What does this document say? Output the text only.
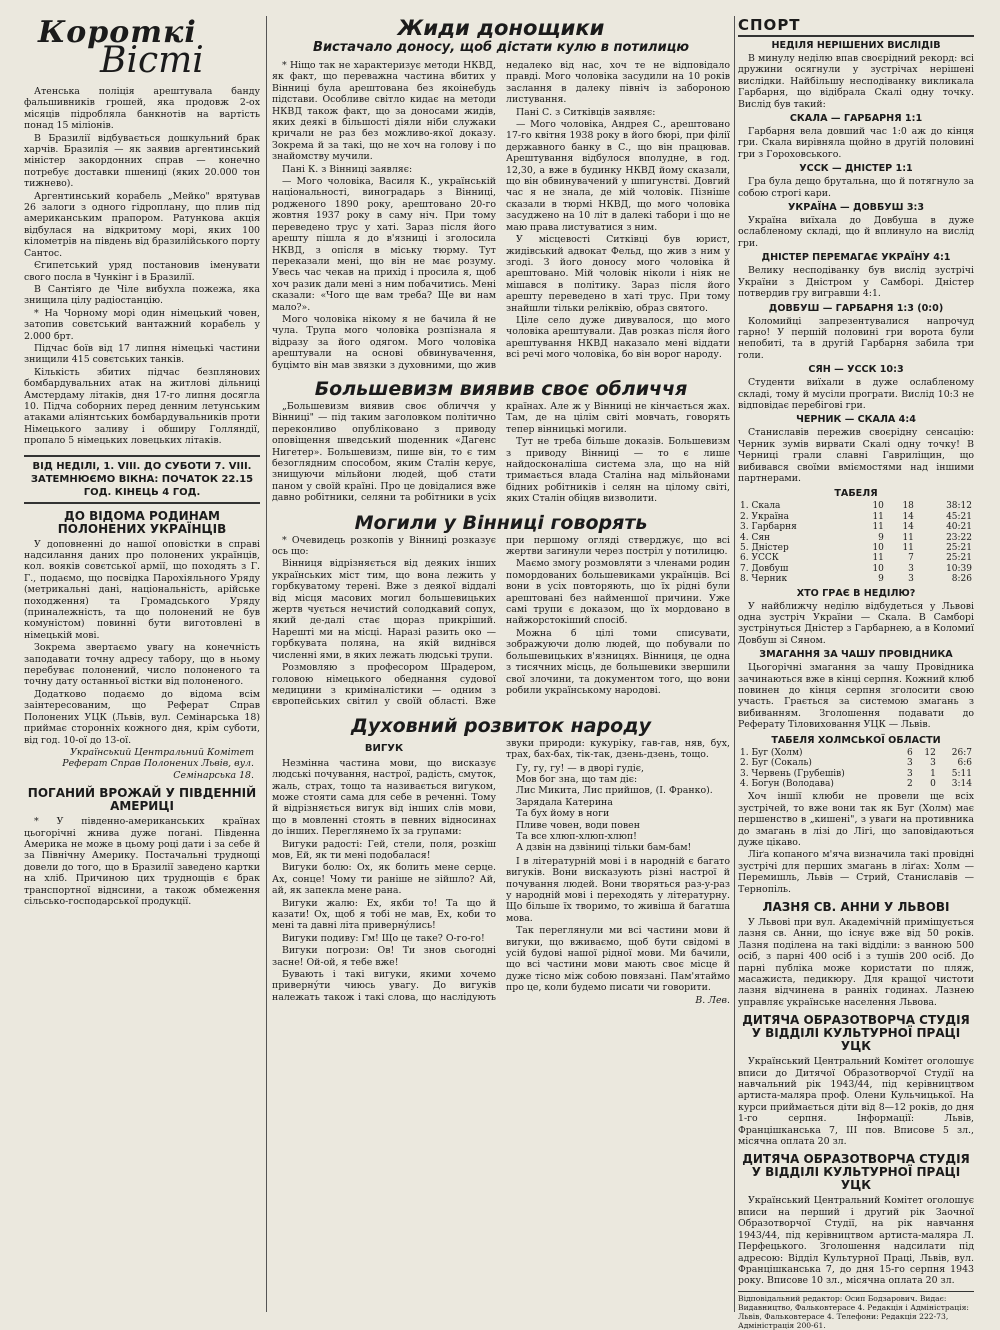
Короткі
Вісті

Атенська поліція арештувала банду фальшивників грошей, яка продовж 2-ох місяців підробляла банкнотів на вартість понад 15 міліонів.

В Бразилії відбувається дошкульний брак харчів. Бразилія — як заявив аргентинський міністер закордонних справ — конечно потребує доставки пшениці (яких 20.000 тон тижнево).

Аргентинський корабель „Мейко" врятував 26 залоги з одного гідроплану, що плив під американським прапором. Ратункова акція відбулася на відкритому морі, яких 100 кілометрів на південь від бразилійського порту Сантос.

Єгипетський уряд постановив іменувати свого посла в Чункінг і в Бразилії.

В Сантіяго де Чіле вибухла пожежа, яка знищила цілу радіостанцію.

* На Чорному морі один німецький човен, затопив совєтський вантажний корабель у 2.000 брт.

Підчас боїв від 17 липня німецькі частини знищили 415 совєтських танків.

Кількість збитих підчас безплянових бомбардувальних атак на житлові дільниці Амстердаму літаків, дня 17-го липня досягла 10. Підча соборних перед денним летунським атаками аліянтських бомбардувальників проти Німецького заливу і обширу Голляндії, пропало 5 німецьких ловецьких літаків.

ВІД НЕДІЛІ, 1. VIII. ДО СУБОТИ 7. VIII. ЗАТЕМНЮЄМО ВІКНА: ПОЧАТОК 22.15 ГОД. КІНЕЦЬ 4 ГОД.
ДО ВІДОМА РОДИНАМ ПОЛОНЕНИХ УКРАЇНЦІВ

У доповненні до нашої оповістки в справі надсилання даних про полонених українців, кол. вояків совєтської армії, що походять з Г. Г., подаємо, що посвідка Парохіяльного Уряду (метрикальні дані, національність, арійське походження) та Громадського Уряду (приналежність, та що полонений не був комуністом) повинні бути виготовлені в німецькій мові.

Зокрема звертаємо увагу на конечність заподавати точну адресу табору, що в ньому перебуває полонений, число полоненого та точну дату останньої вістки від полоненого.

Додатково подаємо до відома всім заінтересованим, що Реферат Справ Полонених УЦК (Львів, вул. Семінарська 18) приймає сторонніх кожного дня, крім суботи, від год. 10-ої до 13-ої.

Український Центральний Комітет Реферат Справ Полонених Львів, вул. Семінарська 18.
ПОГАНИЙ ВРОЖАЙ У ПІВДЕННІЙ АМЕРИЦІ

* У південно-американських країнах цьогорічні жнива дуже погані. Південна Америка не може в цьому році дати і за себе й за Північну Америку. Постачальні труднощі довели до того, що в Бразилії заведено картки на хліб. Причиною цих труднощів є брак транспортної віднсини, а також обмеження сільсько-господарської продукції.

Жиди донощики
Вистачало доносу, щоб дістати кулю в потилицю

* Ніщо так не характеризує методи НКВД, як факт, що переважна частина вбитих у Вінниці була арештована без якоінебудь підстави. Особливе світло кидає на методи НКВД також факт, що за доносами жидів, яких деякі в більшості діяли ніби служаки кричали не раз без можливо-якої доказу. Зокрема й за такі, що не хоч на голову і по знайомству мучили.

Пані К. з Вінниці заявляє:

— Мого чоловіка, Василя К., українській національності, виноградарь з Вінниці, родженого 1890 року, арештовано 20-го жовтня 1937 року в саму ніч. При тому переведено трус у хаті. Зараз після його арешту пішла я до в'язниці і зголосила НКВД, з опісля в міську тюрму. Тут переказали мені, що він не має розуму. Увесь час чекав на прихід і просила я, щоб хоч разик дали мені з ним побачитись. Мені сказали: «Чого ще вам треба? Ще ви нам мало?».

Мого чоловіка нікому я не бачила й не чула. Трупа мого чоловіка розпізнала я відразу за його одягом. Мого чоловіка арештували на основі обвинувачення, буцімто він мав звязки з духовними, що жив недалеко від нас, хоч те не відповідало правді. Мого чоловіка засудили на 10 років заслання в далеку північ із забороною листування.

Пані С. з Ситківців заявляє:

— Мого чоловіка, Андрея С., арештовано 17-го квітня 1938 року в його бюрі, при філії державного банку в С., що він працював. Арештування відбулося вполудне, в год. 12,30, а вже в будинку НКВД йому сказали, що він обвинувачений у шпигунстві. Довгий час я не знала, де мій чоловік. Пізніше сказали в тюрмі НКВД, що мого чоловіка засуджено на 10 літ в далекі табори і що не маю права листуватися з ним.

У місцевості Ситківці був юрист, жидівський адвокат Фельд, що жив з ним у згоді. З його доносу мого чоловіка й арештовано. Мій чоловік ніколи і ніяк не мішався в політику. Зараз після його арешту переведено в хаті трус. При тому знайшли тільки реліквію, образ святого.

Ціле село дуже дивувалося, що мого чоловіка арештували. Дав розказ після його арештування НКВД наказало мені віддати всі речі мого чоловіка, бо він ворог народу.

Большевизм виявив своє обличчя

„Большевизм виявив своє обличчя у Вінниці" — під таким заголовком політично переконливо опубліковано з приводу оповіщення шведський шоденник «Дагенс Нигетер». Большевизм, пише він, то є тим безоглядним способом, яким Сталін керує, знищуючи мільйони людей, щоб стати паном у своїй країні. Про це довідалися вже давно робітники, селяни та робітники в усіх країнах. Але ж у Вінниці не кінчається жах. Там, де на цілім світі мовчать, говорять тепер вінницькі могили.

Тут не треба більше доказів. Большевизм з приводу Вінниці — то є лише найдосконаліша система зла, що на ній тримається влада Сталіна над мільйонами бідних робітників і селян на цілому світі, яких Сталін обіцяв визволити.

Могили у Вінниці говорять

* Очевидець розкопів у Вінниці розказує ось що:

Вінниця відрізняється від деяких інших українських міст тим, що вона лежить у горбкуватому терені. Вже з деякої віддалі від місця масових могил большевицьких жертв чується нечистий солодкавий сопух, який де-далі стає щораз прикріший. Нарешті ми на місці. Наразі разить око — горбкувата поляна, на якій виднівся численні ями, в яких лежать людські трупи.

Розмовляю з професором Шрадером, головою німецького обеднання судової медицини з криміналістики — одним з європейських світил у своїй області. Вже при першому огляді стверджує, що всі жертви загинули через постріл у потилицю.

Маємо змогу розмовляти з членами родин помордованих большевиками українців. Всі вони в усіх повторяють, що їх рідні були арештовані без найменшої причини. Уже самі трупи є доказом, що їх мордовано в найжорстокіший спосіб.

Можна б цілі томи списувати, зображуючи долю людей, що побували по большевицьких в'язницях. Вінниця, це одна з тисячних місць, де большевики звершили свої злочини, та документом того, що вони робили українському народові.

Духовний розвиток народу
ВИГУК

Незмінна частина мови, що висказує людські почування, настрої, радість, смуток, жаль, страх, тощо та називається вигуком, може стояти сама для себе в реченні. Тому й відрізняється вигук від інших слів мови, що в мовленні стоять в певних відносинах до інших. Переглянемо їх за групами:

Вигуки радості: Гей, стели, поля, розкіш мов, Ей, як ти мені подобалася!

Вигуки болю: Ох, як болить мене серце. Ах, сонце! Чому ти раніше не зійшло? Ай, ай, як запекла мене рана.

Вигуки жалю: Ех, якби то! Та що й казати! Ох, щоб я тобі не мав, Ех, коби то мені та давні літа приверну́лись!

Вигуки подиву: Гм! Що це таке? О-го-го!

Вигуки погрози: Ов! Ти знов сьогодні засне! Ой-ой, я тебе вже!

Бувають і такі вигуки, якими хочемо приверну́ти чиюсь увагу. До вигуків належать також і такі слова, що наслідують звуки природи: кукуріку, гав-гав, няв, бух, трах, бах-бах, тік-так, дзень-дзень, тощо.

Гу, гу, гу! — в дворі гудіє,
Мов бог зна, що там діє:
Лис Микита, Лис прийшов, (І. Франко).
Зарядала Катерина
Та бух йому в ноги
Пливе човен, води повен
Та все хлюп-хлюп-хлюп!
А дзвін на дзвіниці тільки бам-бам!

І в літературній мові і в народній є багато вигуків. Вони висказують різні настрої й почування людей. Вони творяться раз-у-раз у народній мові і переходять у літературну. Що більше їх творимо, то живіша й багатша мова.

Так переглянули ми всі частини мови й вигуки, що вживаємо, щоб бути свідомі в усій будові нашої рідної мови. Ми бачили, що всі частини мови мають своє місце й дуже тісно між собою повязані. Пам'ятаймо про це, коли будемо писати чи говорити.

В. Лев.
СПОРТ
НЕДІЛЯ НЕРІШЕНИХ ВИСЛІДІВ

В минулу неділю впав своєрідний рекорд: всі дружини осягнули у зустрічах нерішені вислідки. Найбільшу несподіванку викликала Гарбарня, що відібрала Скалі одну точку. Вислід був такий:

СКАЛА — ГАРБАРНЯ 1:1

Гарбарня вела довший час 1:0 аж до кінця гри. Скала вирівняла щойно в другій половині гри з Гороховського.

УССК — ДНІСТЕР 1:1

Гра була дещо брутальна, що й потягнуло за собою строгі кари.

УКРАЇНА — ДОВБУШ 3:3

Україна виїхала до Довбуша в дуже ослабленому складі, що й вплинуло на вислід гри.

ДНІСТЕР ПЕРЕМАГАЄ УКРАЇНУ 4:1

Велику несподіванку був вислід зустрічі України з Дністром у Самборі. Дністер потвердив гру вигравши 4:1.

ДОВБУШ — ГАРБАРНЯ 1:3 (0:0)

Коломийці запрезентувалися напрочуд гарно! У першій половині гри ворота були непобиті, та в другій Гарбарня забила три голи.

СЯН — УССК 10:3

Студенти виїхали в дуже ослабленому складі, тому й мусіли програти. Вислід 10:3 не відповідає перебігові гри.

ЧЕРНИК — СКАЛА 4:4

Станиславів пережив своєрідну сенсацію: Черник зумів вирвати Скалі одну точку! В Черниці грали славні Гавриліщин, що вибивався своїми вміємостями над іншими партнерами.

ТАБЕЛЯ
1. Скала	10	18	38:12
2. Україна	11	14	45:21
3. Гарбарня	11	14	40:21
4. Сян	9	11	23:22
5. Дністер	10	11	25:21
6. УССК	11	7	25:21
7. Довбуш	10	3	10:39
8. Черник	9	3	8:26
ХТО ГРАЄ В НЕДІЛЮ?

У найближчу неділю відбудеться у Львові одна зустріч України — Скала. В Самборі зустрінуться Дністер з Гарбарнею, а в Коломиї Довбуш зі Сяном.

ЗМАГАННЯ ЗА ЧАШУ ПРОВІДНИКА

Цьогорічні змагання за чашу Провідника зачинаються вже в кінці серпня. Кожний клюб повинен до кінця серпня зголосити свою участь. Грається за системою змагань з вибиванням. Зголошення подавати до Реферату Тіловиховання УЦК — Львів.

ТАБЕЛЯ ХОЛМСЬКОЇ ОБЛАСТИ
1. Буг (Холм)	6	12	26:7
2. Буг (Сокаль)	3	3	6:6
3. Червень (Грубешів)	3	1	5:11
4. Богун (Володава)	2	0	3:14

Хоч іншії клюби не провели ще всіх зустрічей, то вже вони так як Буг (Холм) має першенство в „кишені", з уваги на противника до змагань в лізі до Лігі, що заповідаються дуже цікаво.

Ліґа копаного м'яча визначила такі провідні зустрічі для перших змагань в ліґах: Холм — Перемишль, Львів — Стрий, Станиславів — Тернопіль.

ЛАЗНЯ СВ. АННИ У ЛЬВОВІ

У Львові при вул. Академічній приміщується лазня св. Анни, що існує вже від 50 років. Лазня поділена на такі відділи: з ванною 500 осіб, з парні 400 осіб і з тушів 200 осіб. До парні публіка може користати по пляж, масажиста, педикюру. Для кращої чистоти лазня відчинена в ранніх годинах. Лазнею управляє українське населення Львова.

ДИТЯЧА ОБРАЗОТВОРЧА СТУДІЯ У ВІДДІЛІ КУЛЬТУРНОЇ ПРАЦІ УЦК

Український Центральний Комітет оголошує вписи до Дитячої Образотворчої Студії на навчальний рік 1943/44, під керівництвом артиста-маляра проф. Олени Кульчицької. На курси приймається діти від 8—12 років, до дня 1-го серпня. Інформації: Львів, Францішканська 7, III пов. Вписове 5 зл., місячна оплата 20 зл.

ДИТЯЧА ОБРАЗОТВОРЧА СТУДІЯ У ВІДДІЛІ КУЛЬТУРНОЇ ПРАЦІ УЦК

Український Центральний Комітет оголошує вписи на перший і другий рік Заочної Образотворчої Студії, на рік навчання 1943/44, під керівництвом артиста-маляра Л. Перфецького. Зголошення надсилати під адресою: Відділ Культурної Праці, Львів, вул. Францішканська 7, до дня 15-го серпня 1943 року. Вписове 10 зл., місячна оплата 20 зл.

Відповідальний редактор: Осип Бодзарович. Видає: Видавництво, Фальковтерасе 4. Редакція і Адміністрація: Львів, Фальковтерасе 4. Телефони: Редакція 222-73, Адміністрація 200-61.
